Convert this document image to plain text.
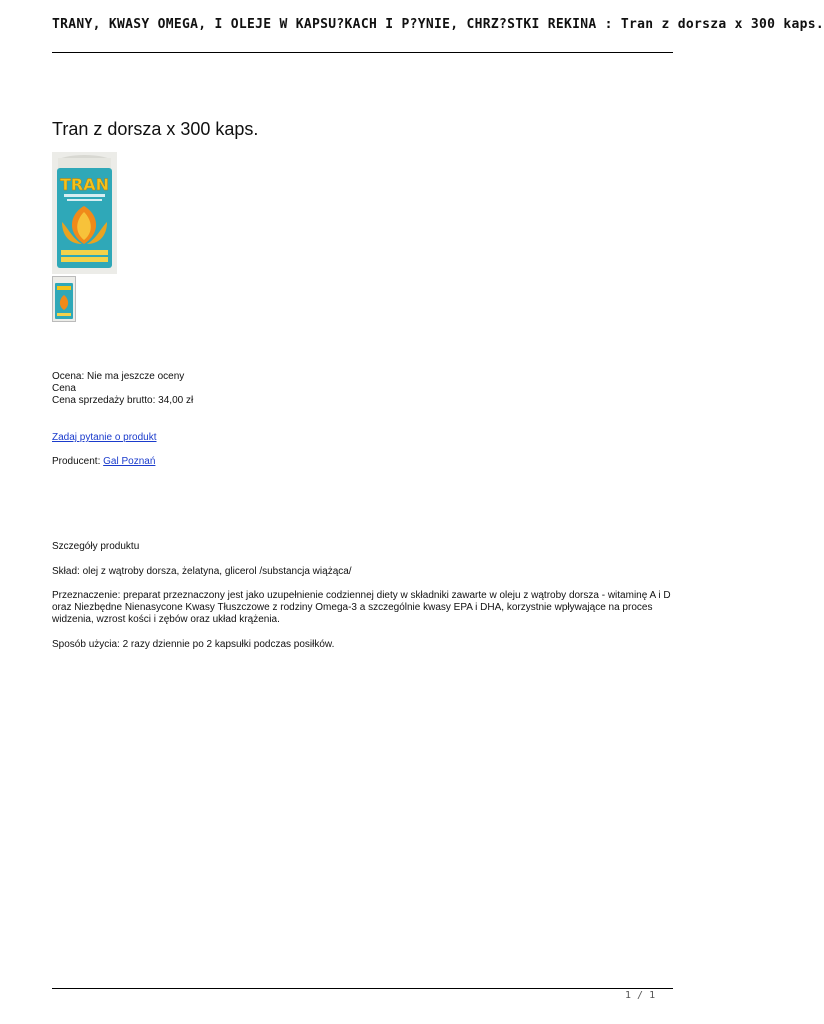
TRANY, KWASY OMEGA, I OLEJE W KAPSU?KACH I P?YNIE, CHRZ?STKI REKINA : Tran z dorsza x 300 kaps.
Tran z dorsza x 300 kaps.
TRAN
Ocena: Nie ma jeszcze oceny
Cena
Cena sprzedaży brutto: 34,00 zł
Zadaj pytanie o produkt
Producent: Gal Poznań

Szczegóły produktu

Skład: olej z wątroby dorsza, żelatyna, glicerol /substancja wiążąca/

Przeznaczenie: preparat przeznaczony jest jako uzupełnienie codziennej diety w składniki zawarte w oleju z wątroby dorsza - witaminę A i D oraz Niezbędne Nienasycone Kwasy Tłuszczowe z rodziny Omega-3 a szczególnie kwasy EPA i DHA, korzystnie wpływające na proces widzenia, wzrost kości i zębów oraz układ krążenia.

Sposób użycia: 2 razy dziennie po 2 kapsułki podczas posiłków.

1 / 1
